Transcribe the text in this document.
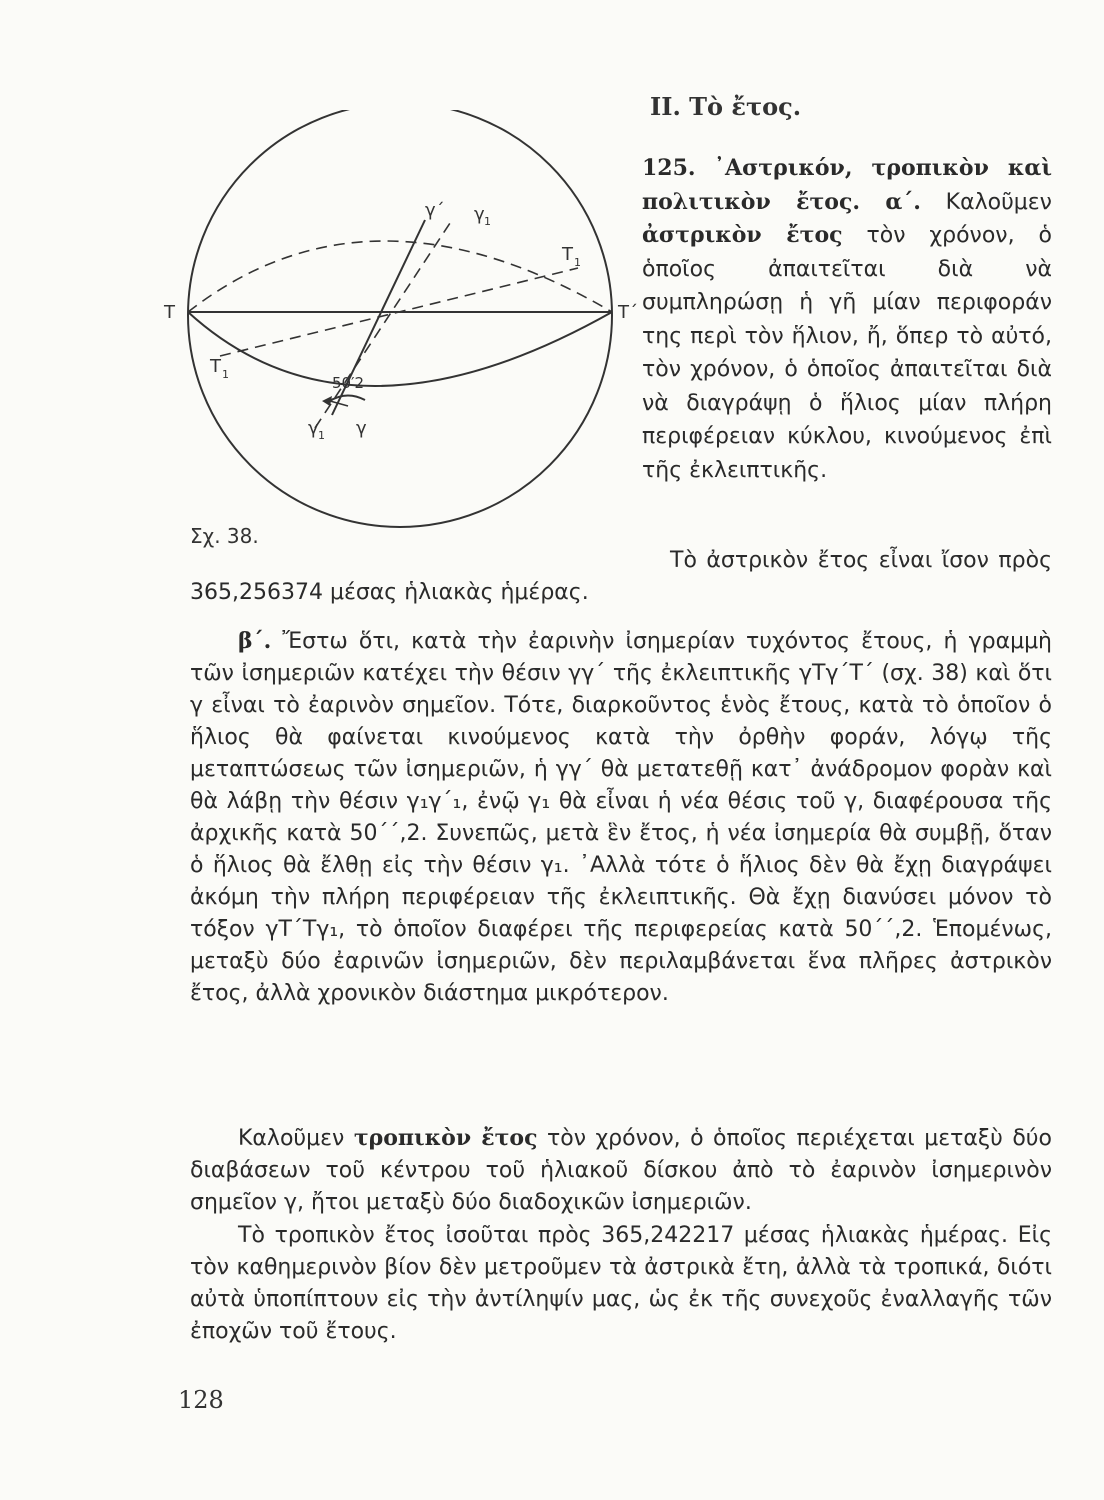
T	T΄
T 1
T 1
γ΄ γ 1
γ 1 γ
50′2
Σχ. 38.
II. Τὸ ἔτος.
125. ᾿Αστρικόν, τροπικὸν καὶ πολιτικὸν ἔτος. α΄. Καλοῦμεν ἀστρικὸν ἔτος τὸν χρόνον, ὁ ὁποῖος ἀπαιτεῖται διὰ νὰ συμπληρώσῃ ἡ γῆ μίαν περιφοράν της περὶ τὸν ἥλιον, ἤ, ὅπερ τὸ αὐτό, τὸν χρόνον, ὁ ὁποῖος ἀπαιτεῖται διὰ νὰ διαγράψῃ ὁ ἥλιος μίαν πλήρη περιφέρειαν κύκλου, κινούμενος ἐπὶ τῆς ἐκλειπτικῆς.
Τὸ ἀστρικὸν ἔτος εἶναι ἴσον πρὸς 365,256374 μέσας ἡλιακὰς ἡμέρας.
β΄. Ἔστω ὅτι, κατὰ τὴν ἐαρινὴν ἰσημερίαν τυχόντος ἔτους, ἡ γραμμὴ τῶν ἰσημεριῶν κατέχει τὴν θέσιν γγ΄ τῆς ἐκλειπτικῆς γΤγ΄Τ΄ (σχ. 38) καὶ ὅτι γ εἶναι τὸ ἐαρινὸν σημεῖον. Τότε, διαρκοῦντος ἑνὸς ἔτους, κατὰ τὸ ὁποῖον ὁ ἥλιος θὰ φαίνεται κινούμενος κατὰ τὴν ὀρθὴν φοράν, λόγῳ τῆς μεταπτώσεως τῶν ἰσημεριῶν, ἡ γγ΄ θὰ μετατεθῇ κατ᾿ ἀνάδρομον φορὰν καὶ θὰ λάβῃ τὴν θέσιν γ₁γ΄₁, ἐνῷ γ₁ θὰ εἶναι ἡ νέα θέσις τοῦ γ, διαφέρουσα τῆς ἀρχικῆς κατὰ 50΄΄,2. Συνεπῶς, μετὰ ἓν ἔτος, ἡ νέα ἰσημερία θὰ συμβῇ, ὅταν ὁ ἥλιος θὰ ἔλθῃ εἰς τὴν θέσιν γ₁. ᾿Αλλὰ τότε ὁ ἥλιος δὲν θὰ ἔχῃ διαγράψει ἀκόμη τὴν πλήρη περιφέρειαν τῆς ἐκλειπτικῆς. Θὰ ἔχῃ διανύσει μόνον τὸ τόξον γΤ΄Τγ₁, τὸ ὁποῖον διαφέρει τῆς περιφερείας κατὰ 50΄΄,2. Ἑπομένως, μεταξὺ δύο ἐαρινῶν ἰσημεριῶν, δὲν περιλαμβάνεται ἕνα πλῆρες ἀστρικὸν ἔτος, ἀλλὰ χρονικὸν διάστημα μικρότερον.
Καλοῦμεν τροπικὸν ἔτος τὸν χρόνον, ὁ ὁποῖος περιέχεται μεταξὺ δύο διαβάσεων τοῦ κέντρου τοῦ ἡλιακοῦ δίσκου ἀπὸ τὸ ἐαρινὸν ἰσημερινὸν σημεῖον γ, ἤτοι μεταξὺ δύο διαδοχικῶν ἰσημεριῶν.
Τὸ τροπικὸν ἔτος ἰσοῦται πρὸς 365,242217 μέσας ἡλιακὰς ἡμέρας. Εἰς τὸν καθημερινὸν βίον δὲν μετροῦμεν τὰ ἀστρικὰ ἔτη, ἀλλὰ τὰ τροπικά, διότι αὐτὰ ὑποπίπτουν εἰς τὴν ἀντίληψίν μας, ὡς ἐκ τῆς συνεχοῦς ἐναλλαγῆς τῶν ἐποχῶν τοῦ ἔτους.
128
